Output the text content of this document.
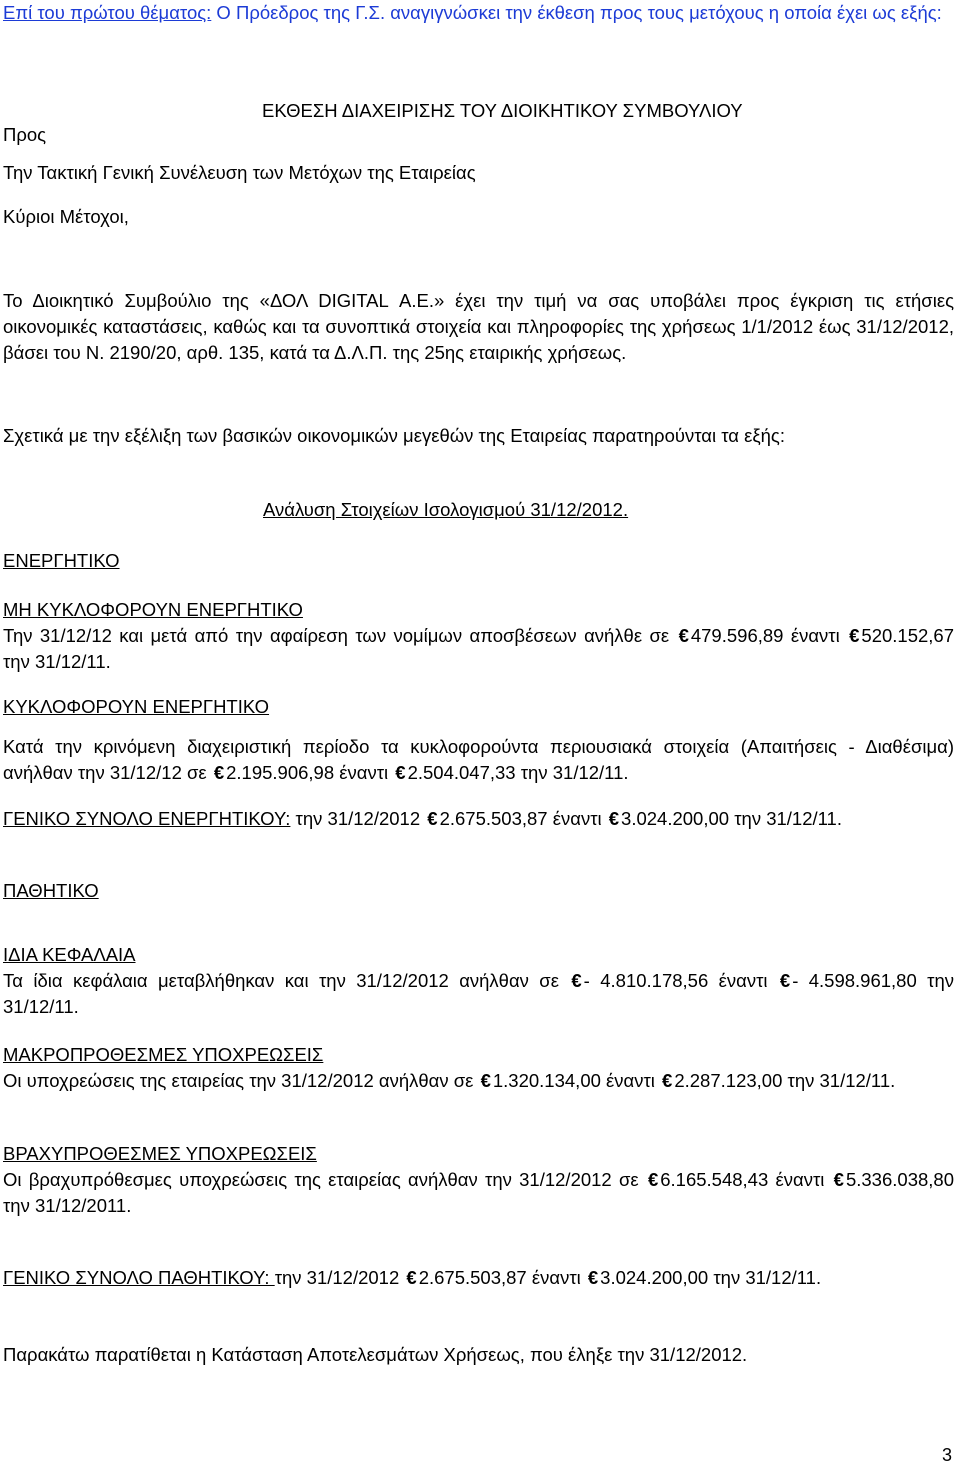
Επί του πρώτου θέματος: Ο Πρόεδρος της Γ.Σ. αναγιγνώσκει την έκθεση προς τους μετόχους η οποία έχει ως εξής:

ΕΚΘΕΣΗ ΔΙΑΧΕΙΡΙΣΗΣ ΤΟΥ ΔΙΟΙΚΗΤΙΚΟΥ ΣΥΜΒΟΥΛΙΟΥ

Προς

Την Τακτική Γενική Συνέλευση των Μετόχων της Εταιρείας

Κύριοι Μέτοχοι,

Το Διοικητικό Συμβούλιο της «ΔΟΛ DIGITAL Α.Ε.» έχει την τιμή να σας υποβάλει προς έγκριση τις ετήσιες οικονομικές καταστάσεις, καθώς και τα συνοπτικά στοιχεία και πληροφορίες της χρήσεως 1/1/2012 έως 31/12/2012, βάσει του Ν. 2190/20, αρθ. 135, κατά τα Δ.Λ.Π. της 25ης εταιρικής χρήσεως.

Σχετικά με την εξέλιξη των βασικών οικονομικών μεγεθών της Εταιρείας παρατηρούνται τα εξής:

Ανάλυση Στοιχείων Ισολογισμού 31/12/2012.

ΕΝΕΡΓΗΤΙΚΟ

ΜΗ ΚΥΚΛΟΦΟΡΟΥΝ ΕΝΕΡΓΗΤΙΚΟ
Την 31/12/12 και μετά από την αφαίρεση των νομίμων αποσβέσεων ανήλθε σε € 479.596,89 έναντι € 520.152,67 την 31/12/11.

ΚΥΚΛΟΦΟΡΟΥΝ ΕΝΕΡΓΗΤΙΚΟ

Κατά την κρινόμενη διαχειριστική περίοδο τα κυκλοφορούντα περιουσιακά στοιχεία (Απαιτήσεις - Διαθέσιμα) ανήλθαν την 31/12/12 σε € 2.195.906,98 έναντι € 2.504.047,33 την 31/12/11.

ΓΕΝΙΚΟ ΣΥΝΟΛΟ ΕΝΕΡΓΗΤΙΚΟΥ: την 31/12/2012 € 2.675.503,87 έναντι € 3.024.200,00 την 31/12/11.

ΠΑΘΗΤΙΚΟ

ΙΔΙΑ ΚΕΦΑΛΑΙΑ
Τα ίδια κεφάλαια μεταβλήθηκαν και την 31/12/2012 ανήλθαν σε € - 4.810.178,56 έναντι € - 4.598.961,80 την 31/12/11.
ΜΑΚΡΟΠΡΟΘΕΣΜΕΣ ΥΠΟΧΡΕΩΣΕΙΣ
Οι υποχρεώσεις της εταιρείας την 31/12/2012 ανήλθαν σε € 1.320.134,00 έναντι € 2.287.123,00 την 31/12/11.
ΒΡΑΧΥΠΡΟΘΕΣΜΕΣ ΥΠΟΧΡΕΩΣΕΙΣ
Οι βραχυπρόθεσμες υποχρεώσεις της εταιρείας ανήλθαν την 31/12/2012 σε € 6.165.548,43 έναντι € 5.336.038,80 την 31/12/2011.

ΓΕΝΙΚΟ ΣΥΝΟΛΟ ΠΑΘΗΤΙΚΟΥ: την 31/12/2012 € 2.675.503,87 έναντι € 3.024.200,00 την 31/12/11.

Παρακάτω παρατίθεται η Κατάσταση Αποτελεσμάτων Χρήσεως, που έληξε την 31/12/2012.

3
